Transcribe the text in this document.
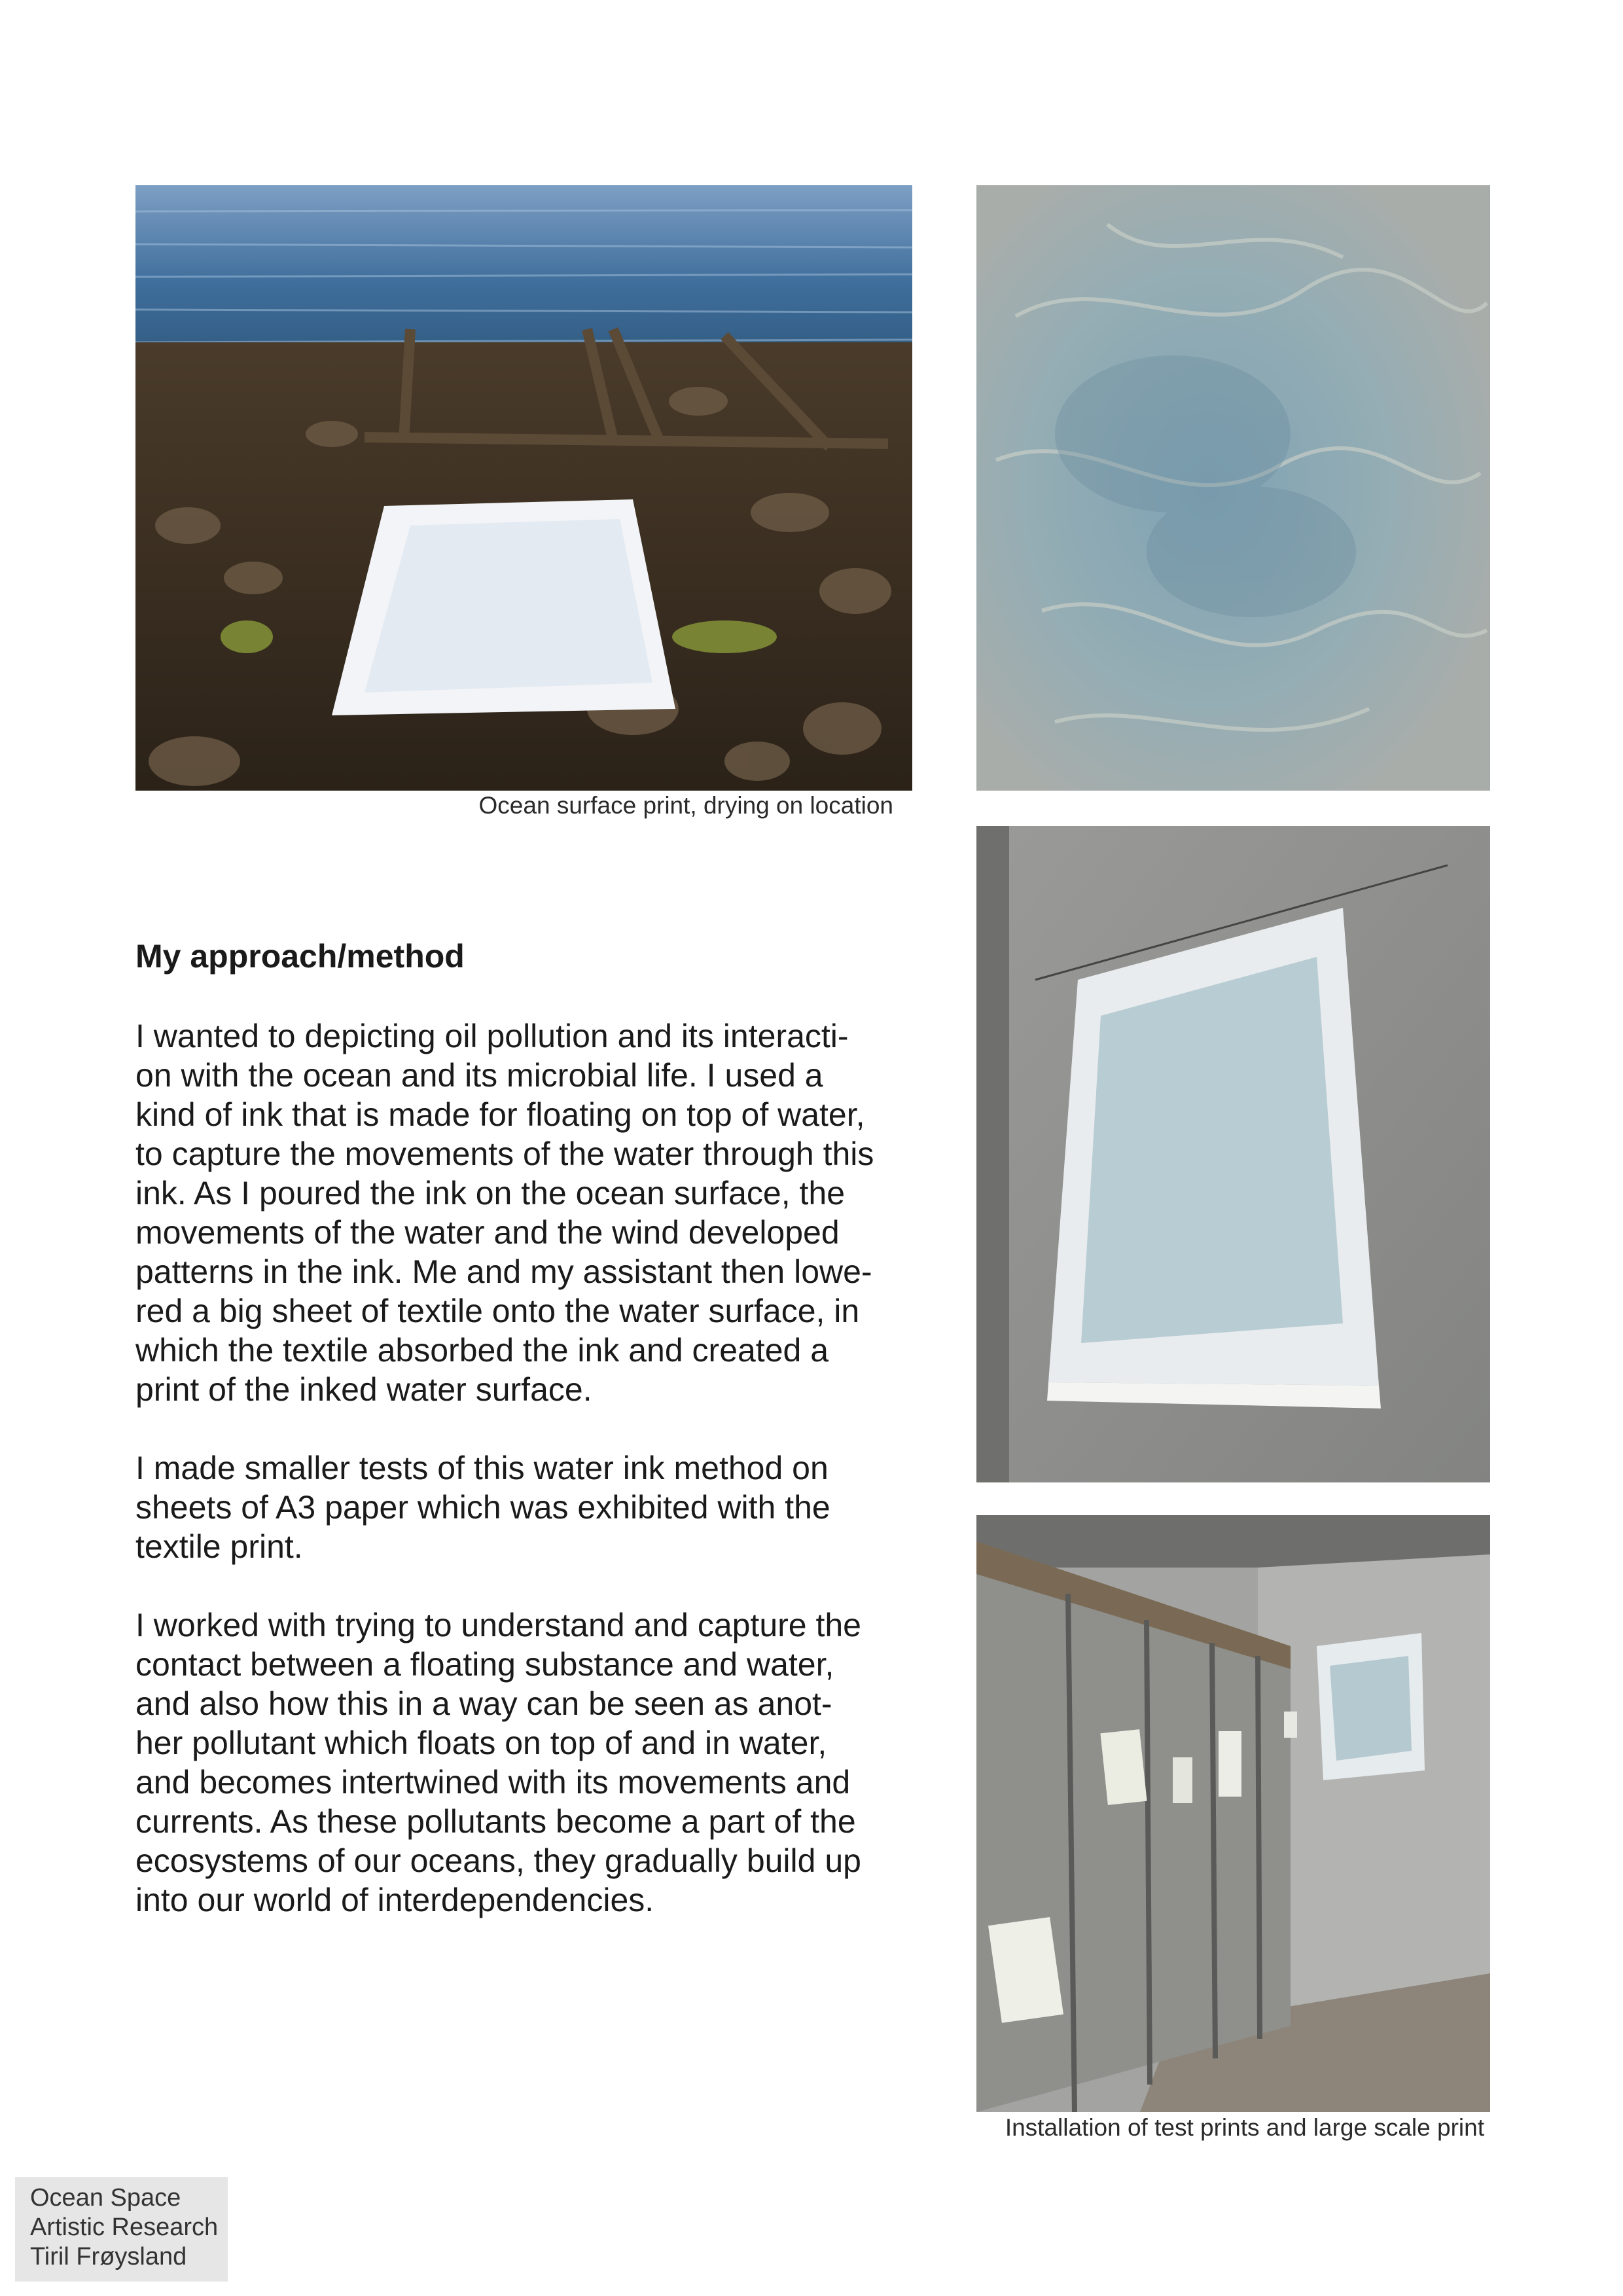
Ocean surface print, drying on location
Installation of test prints and large scale print
My approach/method

I wanted to depicting oil pollution and its interacti-
on with the ocean and its microbial life. I used a
kind of ink that is made for floating on top of water,
to capture the movements of the water through this
ink. As I poured the ink on the ocean surface, the
movements of the water and the wind developed
patterns in the ink. Me and my assistant then lowe-
red a big sheet of textile onto the water surface, in
which the textile absorbed the ink and created a
print of the inked water surface.

I made smaller tests of this water ink method on
sheets of A3 paper which was exhibited with the
textile print.

I worked with trying to understand and capture the
contact between a floating substance and water,
and also how this in a way can be seen as anot-
her pollutant which floats on top of and in water,
and becomes intertwined with its movements and
currents. As these pollutants become a part of the
ecosystems of our oceans, they gradually build up
into our world of interdependencies.

Ocean Space
Artistic Research
Tiril Frøysland
